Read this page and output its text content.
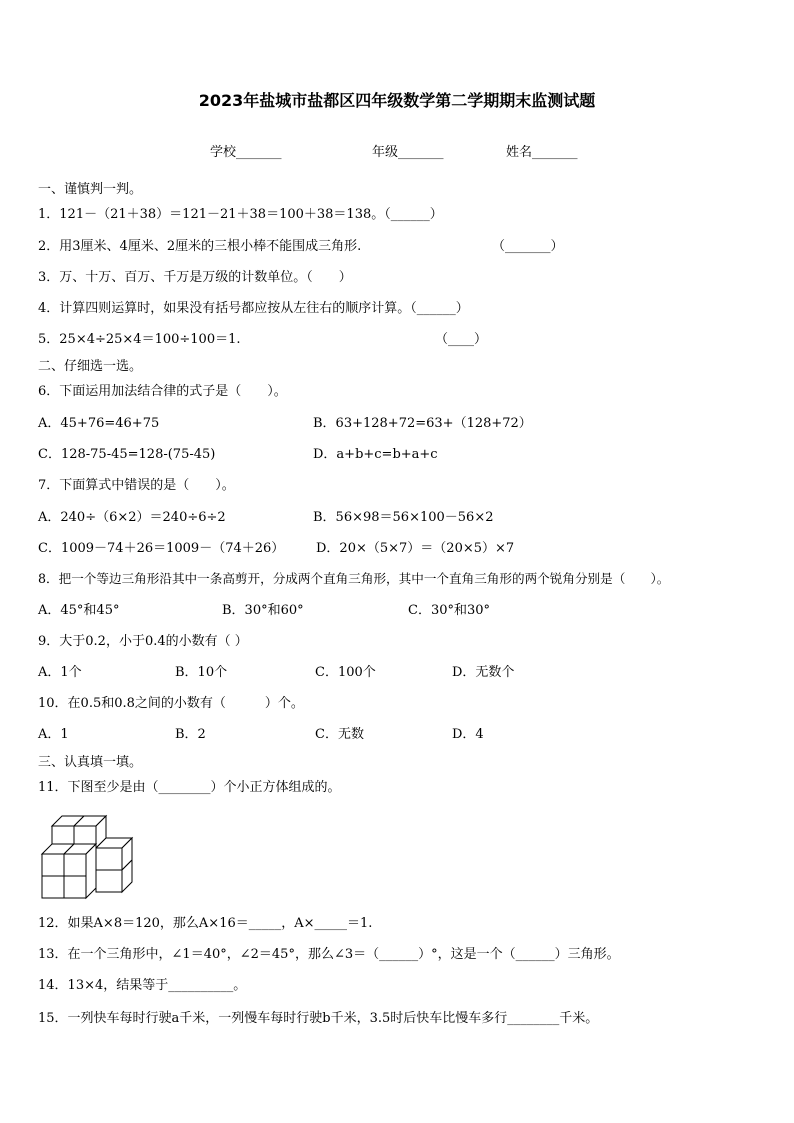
2023年盐城市盐都区四年级数学第二学期期末监测试题
学校_______	年级_______	姓名_______
一、谨慎判一判。
1．121－（21＋38）＝121－21＋38＝100＋38＝138。（______）
2．用3厘米、4厘米、2厘米的三根小棒不能围成三角形.	（_______）
3．万、十万、百万、千万是万级的计数单位。（　　）
4．计算四则运算时，如果没有括号都应按从左往右的顺序计算。（______）
5．25×4÷25×4＝100÷100＝1.	（____）
二、仔细选一选。
6．下面运用加法结合律的式子是（　　）。
A．45+76=46+75	B．63+128+72=63+（128+72）
C．128-75-45=128-(75-45)	D．a+b+c=b+a+c
7．下面算式中错误的是（　　）。
A．240÷（6×2）＝240÷6÷2	B．56×98＝56×100－56×2
C．1009－74＋26＝1009－（74＋26） D．20×（5×7）＝（20×5）×7
8．把一个等边三角形沿其中一条高剪开，分成两个直角三角形，其中一个直角三角形的两个锐角分别是（　　）。
A．45°和45°	B．30°和60°	C．30°和30°
9．大于0.2，小于0.4的小数有（ ）
A．1个	B．10个	C．100个	D．无数个
10．在0.5和0.8之间的小数有（　　　）个。
A．1	B．2	C．无数	D．4
三、认真填一填。
11．下图至少是由（________）个小正方体组成的。
12．如果A×8＝120，那么A×16＝_____，A×_____＝1.
13．在一个三角形中，∠1＝40°，∠2＝45°，那么∠3＝（______）°，这是一个（______）三角形。
14．13×4，结果等于__________。
15．一列快车每时行驶a千米，一列慢车每时行驶b千米，3.5时后快车比慢车多行________千米。
